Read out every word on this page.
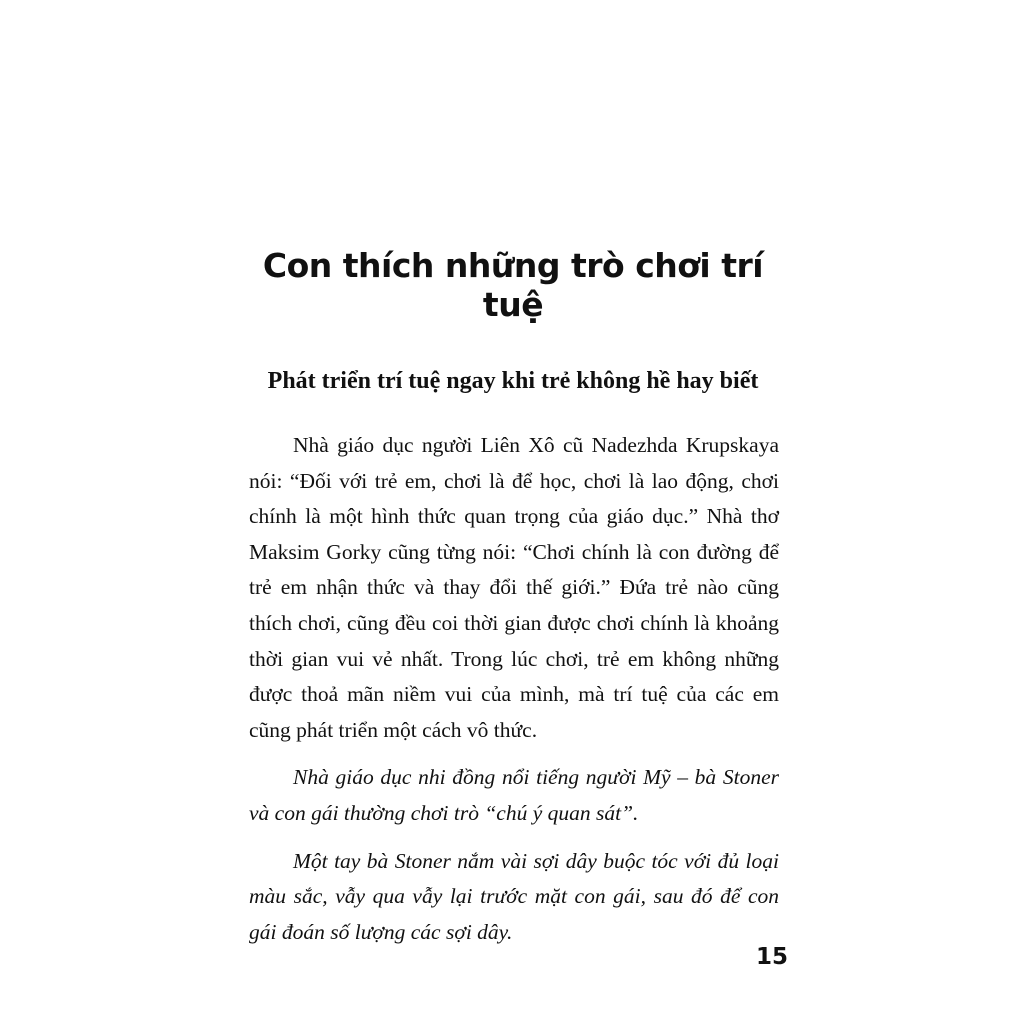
Con thích những trò chơi trí tuệ
Phát triển trí tuệ ngay khi trẻ không hề hay biết

Nhà giáo dục người Liên Xô cũ Nadezhda Krupskaya nói: “Đối với trẻ em, chơi là để học, chơi là lao động, chơi chính là một hình thức quan trọng của giáo dục.” Nhà thơ Maksim Gorky cũng từng nói: “Chơi chính là con đường để trẻ em nhận thức và thay đổi thế giới.” Đứa trẻ nào cũng thích chơi, cũng đều coi thời gian được chơi chính là khoảng thời gian vui vẻ nhất. Trong lúc chơi, trẻ em không những được thoả mãn niềm vui của mình, mà trí tuệ của các em cũng phát triển một cách vô thức.

Nhà giáo dục nhi đồng nổi tiếng người Mỹ – bà Stoner và con gái thường chơi trò “chú ý quan sát”.

Một tay bà Stoner nắm vài sợi dây buộc tóc với đủ loại màu sắc, vẫy qua vẫy lại trước mặt con gái, sau đó để con gái đoán số lượng các sợi dây.

15
